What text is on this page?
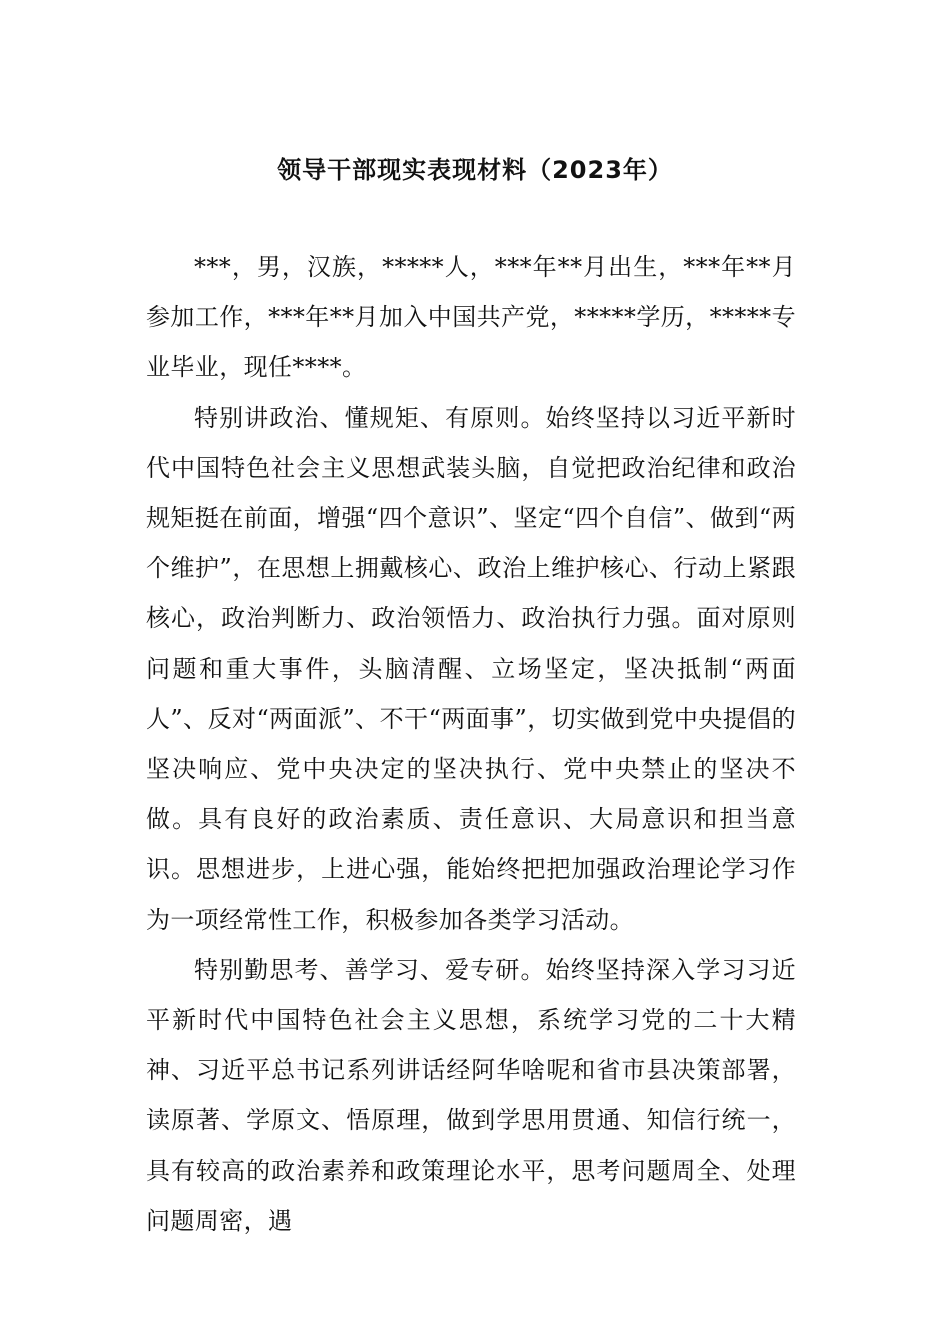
领导干部现实表现材料（2023年）

***，男，汉族，*****人，***年**月出生，***年**月参加工作，***年**月加入中国共产党，*****学历，*****专业毕业，现任****。

特别讲政治、懂规矩、有原则。始终坚持以习近平新时代中国特色社会主义思想武装头脑，自觉把政治纪律和政治规矩挺在前面，增强“四个意识”、坚定“四个自信”、做到“两个维护”，在思想上拥戴核心、政治上维护核心、行动上紧跟核心，政治判断力、政治领悟力、政治执行力强。面对原则问题和重大事件，头脑清醒、立场坚定，坚决抵制“两面人”、反对“两面派”、不干“两面事”，切实做到党中央提倡的坚决响应、党中央决定的坚决执行、党中央禁止的坚决不做。具有良好的政治素质、责任意识、大局意识和担当意识。思想进步，上进心强，能始终把把加强政治理论学习作为一项经常性工作，积极参加各类学习活动。

特别勤思考、善学习、爱专研。始终坚持深入学习习近平新时代中国特色社会主义思想，系统学习党的二十大精神、习近平总书记系列讲话经阿华啥呢和省市县决策部署，读原著、学原文、悟原理，做到学思用贯通、知信行统一，具有较高的政治素养和政策理论水平，思考问题周全、处理问题周密，遇
